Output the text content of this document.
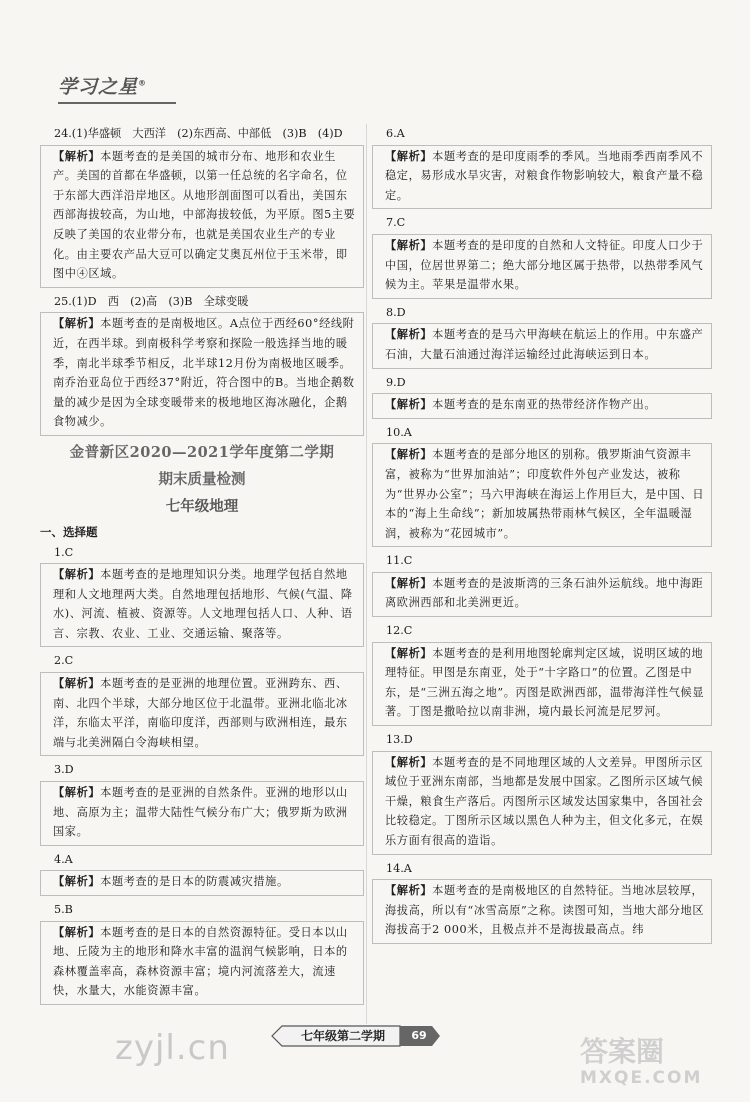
学习之星®
24.(1)华盛顿　大西洋　(2)东西高、中部低　(3)B　(4)D
【解析】本题考查的是美国的城市分布、地形和农业生产。美国的首都在华盛顿，以第一任总统的名字命名，位于东部大西洋沿岸地区。从地形剖面图可以看出，美国东西部海拔较高，为山地，中部海拔较低，为平原。图5主要反映了美国的农业带分布，也就是美国农业生产的专业化。由主要农产品大豆可以确定艾奥瓦州位于玉米带，即图中④区域。
25.(1)D　西　(2)高　(3)B　全球变暖
【解析】本题考查的是南极地区。A点位于西经60°经线附近，在西半球。到南极科学考察和探险一般选择当地的暖季，南北半球季节相反，北半球12月份为南极地区暖季。南乔治亚岛位于西经37°附近，符合图中的B。当地企鹅数量的减少是因为全球变暖带来的极地地区海冰融化，企鹅食物减少。
金普新区2020—2021学年度第二学期
期末质量检测
七年级地理
一、选择题
1.C
【解析】本题考查的是地理知识分类。地理学包括自然地理和人文地理两大类。自然地理包括地形、气候(气温、降水)、河流、植被、资源等。人文地理包括人口、人种、语言、宗教、农业、工业、交通运输、聚落等。
2.C
【解析】本题考查的是亚洲的地理位置。亚洲跨东、西、南、北四个半球，大部分地区位于北温带。亚洲北临北冰洋，东临太平洋，南临印度洋，西部则与欧洲相连，最东端与北美洲隔白令海峡相望。
3.D
【解析】本题考查的是亚洲的自然条件。亚洲的地形以山地、高原为主；温带大陆性气候分布广大；俄罗斯为欧洲国家。
4.A
【解析】本题考查的是日本的防震减灾措施。
5.B
【解析】本题考查的是日本的自然资源特征。受日本以山地、丘陵为主的地形和降水丰富的温润气候影响，日本的森林覆盖率高，森林资源丰富；境内河流落差大，流速快，水量大，水能资源丰富。
6.A
【解析】本题考查的是印度雨季的季风。当地雨季西南季风不稳定，易形成水旱灾害，对粮食作物影响较大，粮食产量不稳定。
7.C
【解析】本题考查的是印度的自然和人文特征。印度人口少于中国，位居世界第二；绝大部分地区属于热带，以热带季风气候为主。苹果是温带水果。
8.D
【解析】本题考查的是马六甲海峡在航运上的作用。中东盛产石油，大量石油通过海洋运输经过此海峡运到日本。
9.D
【解析】本题考查的是东南亚的热带经济作物产出。
10.A
【解析】本题考查的是部分地区的别称。俄罗斯油气资源丰富，被称为“世界加油站”；印度软件外包产业发达，被称为“世界办公室”；马六甲海峡在海运上作用巨大，是中国、日本的“海上生命线”；新加坡属热带雨林气候区，全年温暖湿润，被称为“花园城市”。
11.C
【解析】本题考查的是波斯湾的三条石油外运航线。地中海距离欧洲西部和北美洲更近。
12.C
【解析】本题考查的是利用地图轮廓判定区域，说明区域的地理特征。甲图是东南亚，处于“十字路口”的位置。乙图是中东，是“三洲五海之地”。丙图是欧洲西部，温带海洋性气候显著。丁图是撒哈拉以南非洲，境内最长河流是尼罗河。
13.D
【解析】本题考查的是不同地理区域的人文差异。甲图所示区域位于亚洲东南部，当地都是发展中国家。乙图所示区域气候干燥，粮食生产落后。丙图所示区域发达国家集中，各国社会比较稳定。丁图所示区域以黑色人种为主，但文化多元，在娱乐方面有很高的造诣。
14.A
【解析】本题考查的是南极地区的自然特征。当地冰层较厚，海拔高，所以有“冰雪高原”之称。读图可知，当地大部分地区海拔高于2 000米，且极点并不是海拔最高点。纬
七年级第二学期	69
zyjl.cn	答案圈
MXQE.COM
